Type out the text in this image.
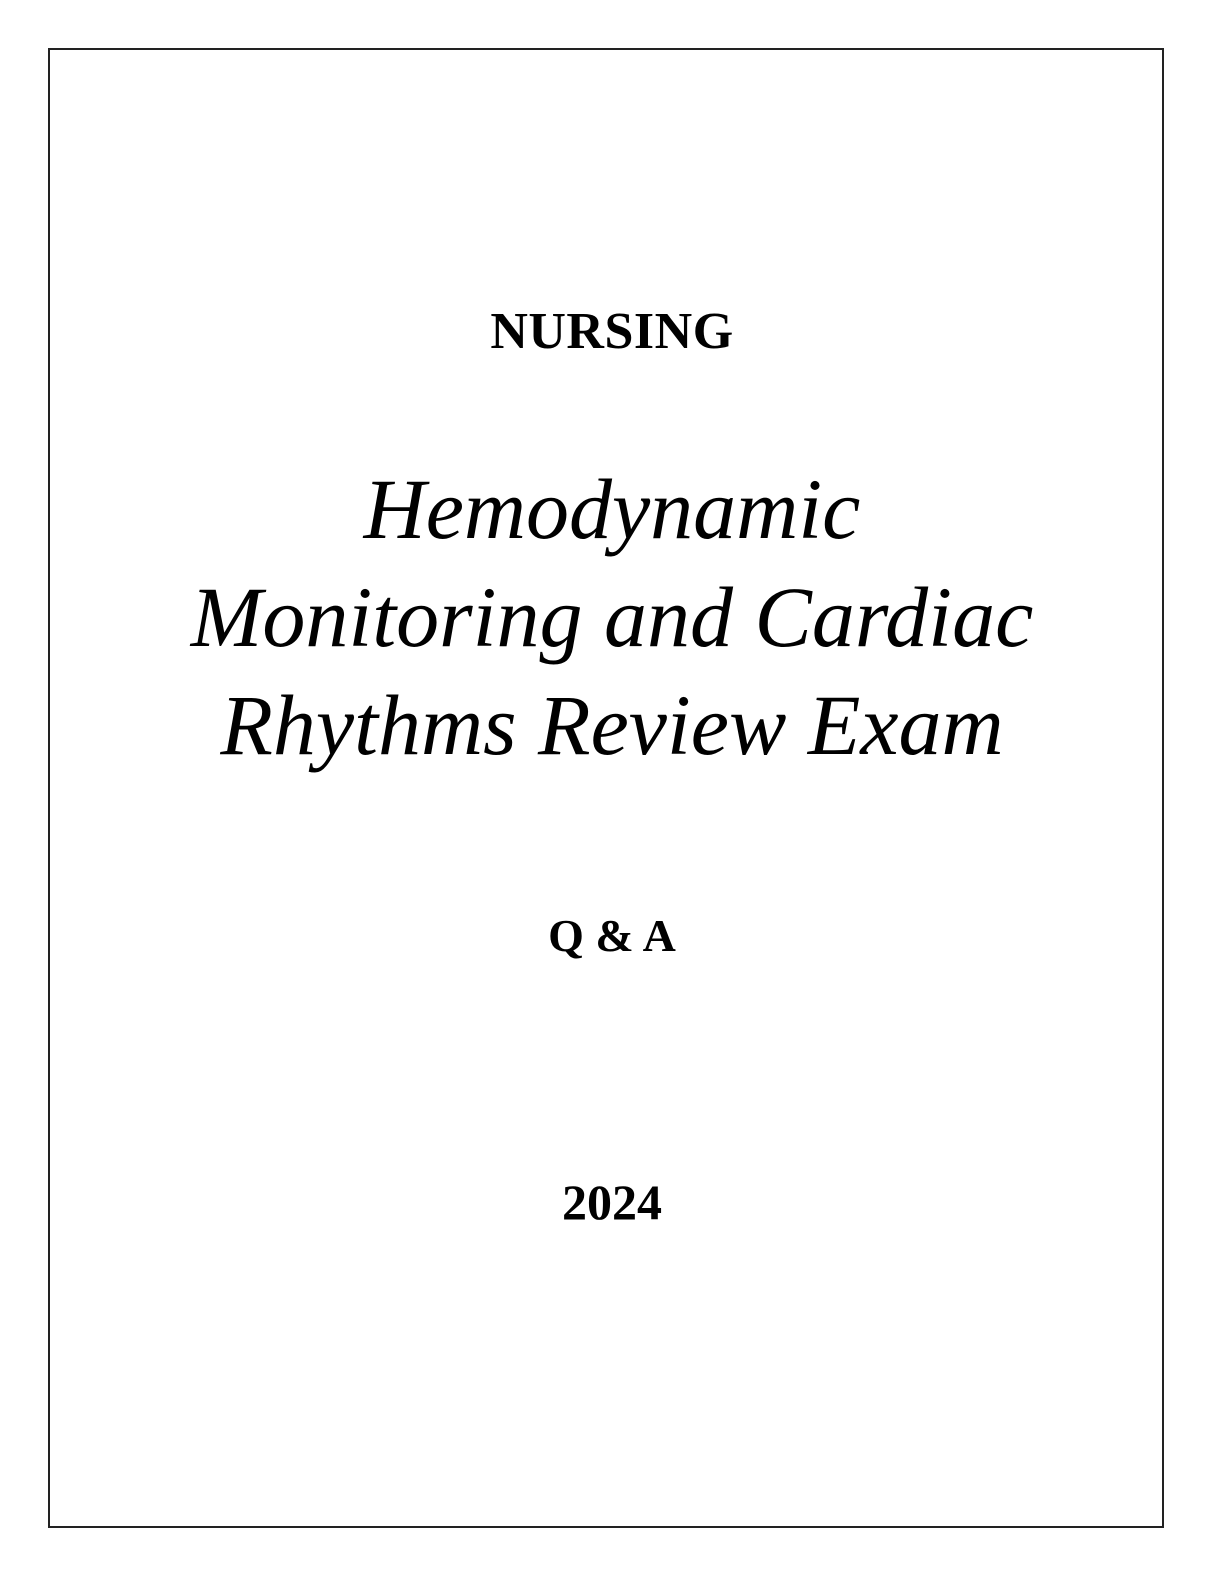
NURSING
Hemodynamic
Monitoring and Cardiac
Rhythms Review Exam
Q & A
2024
